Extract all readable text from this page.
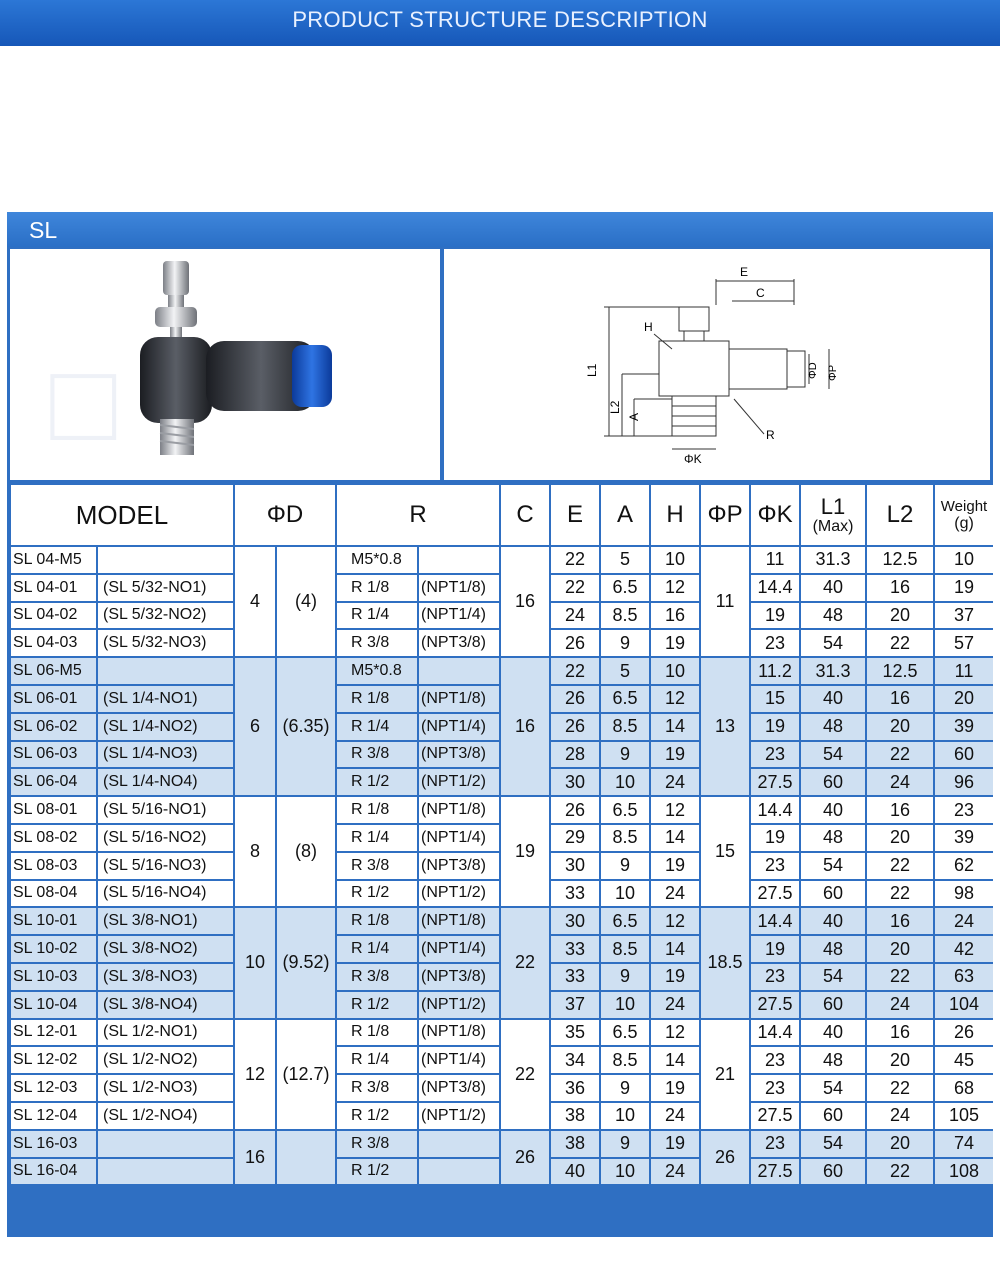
PRODUCT STRUCTURE DESCRIPTION
SL
□
E
C
H
L1
L2
A
ΦD ΦP
R
ΦK
MODEL		ΦD		R		C	E	A	H	ΦP	ΦK	L1
(Max)	L2	Weight
(g)

SL 04-M5		4	(4)	M5*0.8		16	22	5	10	11	11	31.3	12.5	10
SL 04-01	(SL 5/32-NO1)			R 1/8	(NPT1/8)		22	6.5	12		14.4	40	16	19
SL 04-02	(SL 5/32-NO2)			R 1/4	(NPT1/4)		24	8.5	16		19	48	20	37
SL 04-03	(SL 5/32-NO3)			R 3/8	(NPT3/8)		26	9	19		23	54	22	57
SL 06-M5		6	(6.35)	M5*0.8		16	22	5	10	13	11.2	31.3	12.5	11
SL 06-01	(SL 1/4-NO1)			R 1/8	(NPT1/8)		26	6.5	12		15	40	16	20
SL 06-02	(SL 1/4-NO2)			R 1/4	(NPT1/4)		26	8.5	14		19	48	20	39
SL 06-03	(SL 1/4-NO3)			R 3/8	(NPT3/8)		28	9	19		23	54	22	60
SL 06-04	(SL 1/4-NO4)			R 1/2	(NPT1/2)		30	10	24		27.5	60	24	96
SL 08-01	(SL 5/16-NO1)	8	(8)	R 1/8	(NPT1/8)	19	26	6.5	12	15	14.4	40	16	23
SL 08-02	(SL 5/16-NO2)			R 1/4	(NPT1/4)		29	8.5	14		19	48	20	39
SL 08-03	(SL 5/16-NO3)			R 3/8	(NPT3/8)		30	9	19		23	54	22	62
SL 08-04	(SL 5/16-NO4)			R 1/2	(NPT1/2)		33	10	24		27.5	60	22	98
SL 10-01	(SL 3/8-NO1)	10	(9.52)	R 1/8	(NPT1/8)	22	30	6.5	12	18.5	14.4	40	16	24
SL 10-02	(SL 3/8-NO2)			R 1/4	(NPT1/4)		33	8.5	14		19	48	20	42
SL 10-03	(SL 3/8-NO3)			R 3/8	(NPT3/8)		33	9	19		23	54	22	63
SL 10-04	(SL 3/8-NO4)			R 1/2	(NPT1/2)		37	10	24		27.5	60	24	104
SL 12-01	(SL 1/2-NO1)	12	(12.7)	R 1/8	(NPT1/8)	22	35	6.5	12	21	14.4	40	16	26
SL 12-02	(SL 1/2-NO2)			R 1/4	(NPT1/4)		34	8.5	14		23	48	20	45
SL 12-03	(SL 1/2-NO3)			R 3/8	(NPT3/8)		36	9	19		23	54	22	68
SL 12-04	(SL 1/2-NO4)			R 1/2	(NPT1/2)		38	10	24		27.5	60	24	105
SL 16-03		16		R 3/8		26	38	9	19	26	23	54	20	74
SL 16-04				R 1/2			40	10	24		27.5	60	22	108
